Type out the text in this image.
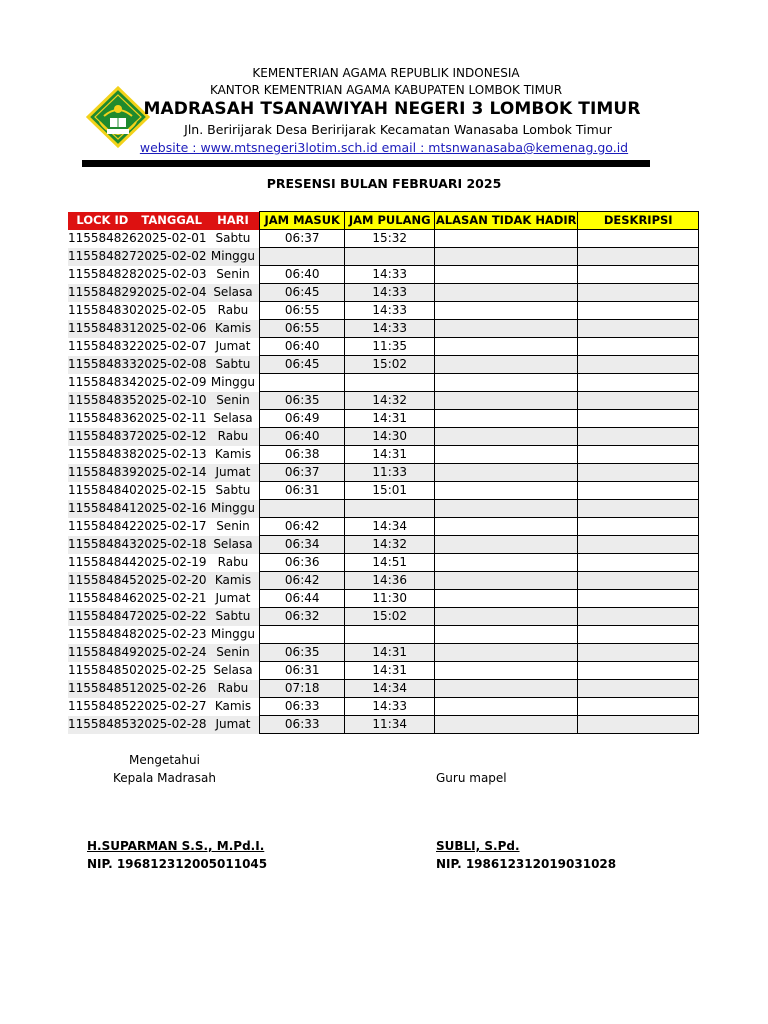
KEMENTERIAN AGAMA REPUBLIK INDONESIA
KANTOR KEMENTRIAN AGAMA KABUPATEN LOMBOK TIMUR
MADRASAH TSANAWIYAH NEGERI 3 LOMBOK TIMUR
Jln. Beririjarak Desa Beririjarak Kecamatan Wanasaba Lombok Timur
website : www.mtsnegeri3lotim.sch.id email : mtsnwanasaba@kemenag.go.id
PRESENSI BULAN FEBRUARI 2025
LOCK ID	TANGGAL	HARI	JAM MASUK	JAM PULANG	ALASAN TIDAK HADIR	DESKRIPSI
115584826	2025-02-01	Sabtu	06:37	15:32		
115584827	2025-02-02	Minggu				
115584828	2025-02-03	Senin	06:40	14:33		
115584829	2025-02-04	Selasa	06:45	14:33		
115584830	2025-02-05	Rabu	06:55	14:33		
115584831	2025-02-06	Kamis	06:55	14:33		
115584832	2025-02-07	Jumat	06:40	11:35		
115584833	2025-02-08	Sabtu	06:45	15:02		
115584834	2025-02-09	Minggu				
115584835	2025-02-10	Senin	06:35	14:32		
115584836	2025-02-11	Selasa	06:49	14:31		
115584837	2025-02-12	Rabu	06:40	14:30		
115584838	2025-02-13	Kamis	06:38	14:31		
115584839	2025-02-14	Jumat	06:37	11:33		
115584840	2025-02-15	Sabtu	06:31	15:01		
115584841	2025-02-16	Minggu				
115584842	2025-02-17	Senin	06:42	14:34		
115584843	2025-02-18	Selasa	06:34	14:32		
115584844	2025-02-19	Rabu	06:36	14:51		
115584845	2025-02-20	Kamis	06:42	14:36		
115584846	2025-02-21	Jumat	06:44	11:30		
115584847	2025-02-22	Sabtu	06:32	15:02		
115584848	2025-02-23	Minggu				
115584849	2025-02-24	Senin	06:35	14:31		
115584850	2025-02-25	Selasa	06:31	14:31		
115584851	2025-02-26	Rabu	07:18	14:34		
115584852	2025-02-27	Kamis	06:33	14:33		
115584853	2025-02-28	Jumat	06:33	11:34		
Mengetahui
Kepala Madrasah	Guru mapel
H.SUPARMAN S.S., M.Pd.I.
NIP. 196812312005011045
SUBLI, S.Pd.
NIP. 198612312019031028
